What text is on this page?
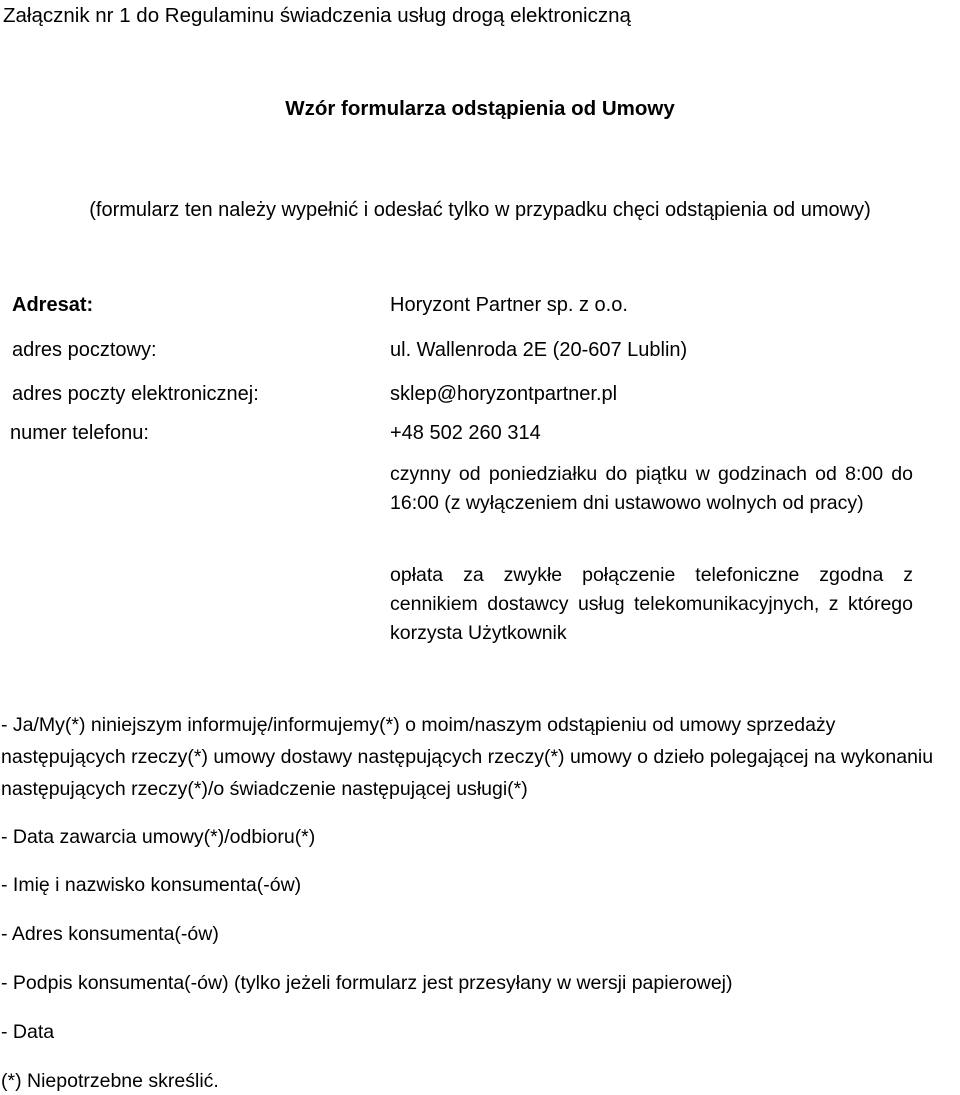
Załącznik nr 1 do Regulaminu świadczenia usług drogą elektroniczną

Wzór formularza odstąpienia od Umowy

(formularz ten należy wypełnić i odesłać tylko w przypadku chęci odstąpienia od umowy)

Adresat:	Horyzont Partner sp. z o.o.

adres pocztowy:	ul. Wallenroda 2E (20-607 Lublin)

adres poczty elektronicznej:	sklep@horyzontpartner.pl

numer telefonu:	+48 502 260 314

czynny od poniedziałku do piątku w godzinach od 8:00 do 16:00 (z wyłączeniem dni ustawowo wolnych od pracy)

opłata za zwykłe połączenie telefoniczne zgodna z cennikiem dostawcy usług telekomunikacyjnych, z którego korzysta Użytkownik

- Ja/My(*) niniejszym informuję/informujemy(*) o moim/naszym odstąpieniu od umowy sprzedaży następujących rzeczy(*) umowy dostawy następujących rzeczy(*) umowy o dzieło polegającej na wykonaniu następujących rzeczy(*)/o świadczenie następującej usługi(*)

- Data zawarcia umowy(*)/odbioru(*)

- Imię i nazwisko konsumenta(-ów)

- Adres konsumenta(-ów)

- Podpis konsumenta(-ów) (tylko jeżeli formularz jest przesyłany w wersji papierowej)

- Data

(*) Niepotrzebne skreślić.
